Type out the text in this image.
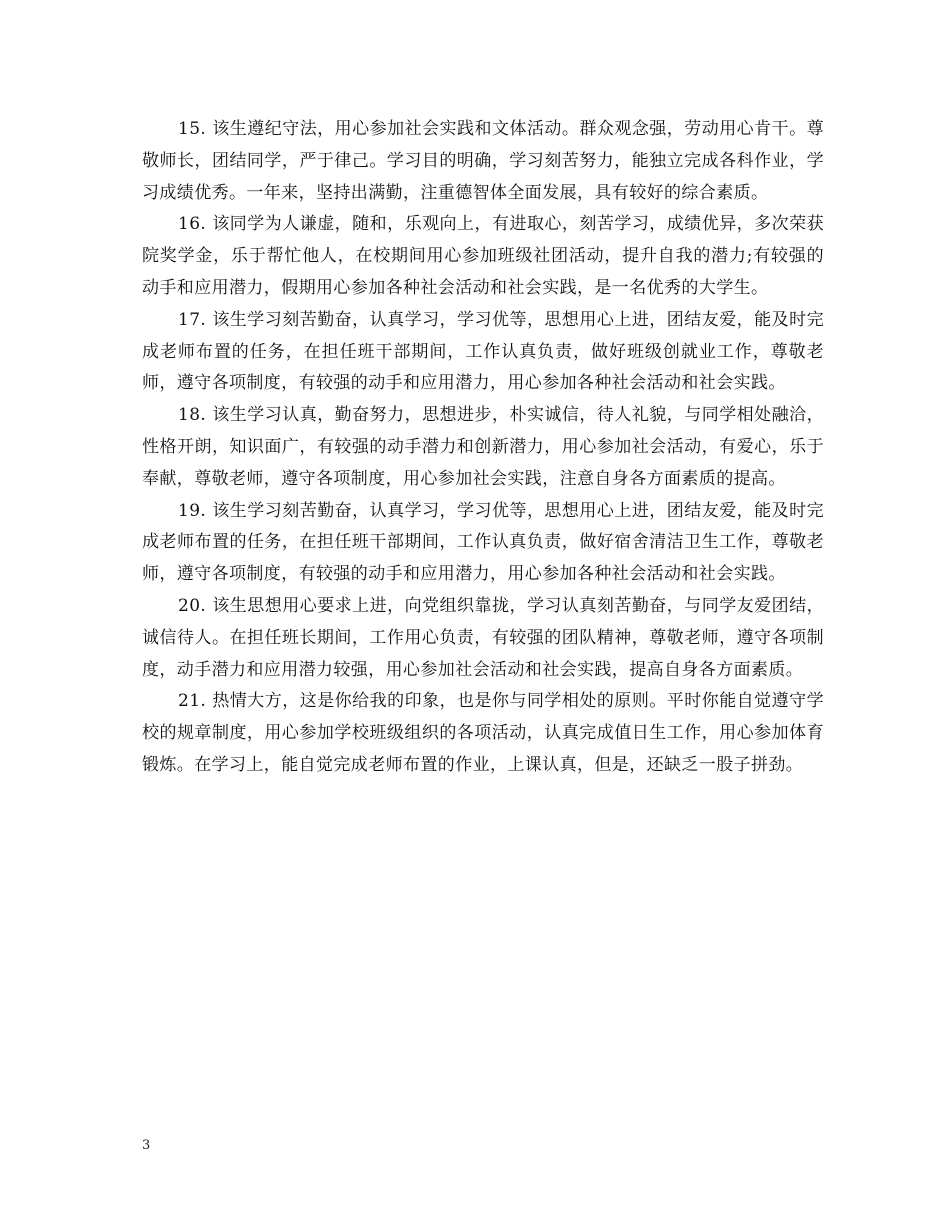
15. 该生遵纪守法，用心参加社会实践和文体活动。群众观念强，劳动用心肯干。尊敬师长，团结同学，严于律己。学习目的明确，学习刻苦努力，能独立完成各科作业，学习成绩优秀。一年来，坚持出满勤，注重德智体全面发展，具有较好的综合素质。

16. 该同学为人谦虚，随和，乐观向上，有进取心，刻苦学习，成绩优异，多次荣获院奖学金，乐于帮忙他人，在校期间用心参加班级社团活动，提升自我的潜力;有较强的动手和应用潜力，假期用心参加各种社会活动和社会实践，是一名优秀的大学生。

17. 该生学习刻苦勤奋，认真学习，学习优等，思想用心上进，团结友爱，能及时完成老师布置的任务，在担任班干部期间，工作认真负责，做好班级创就业工作，尊敬老师，遵守各项制度，有较强的动手和应用潜力，用心参加各种社会活动和社会实践。

18. 该生学习认真，勤奋努力，思想进步，朴实诚信，待人礼貌，与同学相处融洽，性格开朗，知识面广，有较强的动手潜力和创新潜力，用心参加社会活动，有爱心，乐于奉献，尊敬老师，遵守各项制度，用心参加社会实践，注意自身各方面素质的提高。

19. 该生学习刻苦勤奋，认真学习，学习优等，思想用心上进，团结友爱，能及时完成老师布置的任务，在担任班干部期间，工作认真负责，做好宿舍清洁卫生工作，尊敬老师，遵守各项制度，有较强的动手和应用潜力，用心参加各种社会活动和社会实践。

20. 该生思想用心要求上进，向党组织靠拢，学习认真刻苦勤奋，与同学友爱团结，诚信待人。在担任班长期间，工作用心负责，有较强的团队精神，尊敬老师，遵守各项制度，动手潜力和应用潜力较强，用心参加社会活动和社会实践，提高自身各方面素质。

21. 热情大方，这是你给我的印象，也是你与同学相处的原则。平时你能自觉遵守学校的规章制度，用心参加学校班级组织的各项活动，认真完成值日生工作，用心参加体育锻炼。在学习上，能自觉完成老师布置的作业，上课认真，但是，还缺乏一股子拼劲。

3
